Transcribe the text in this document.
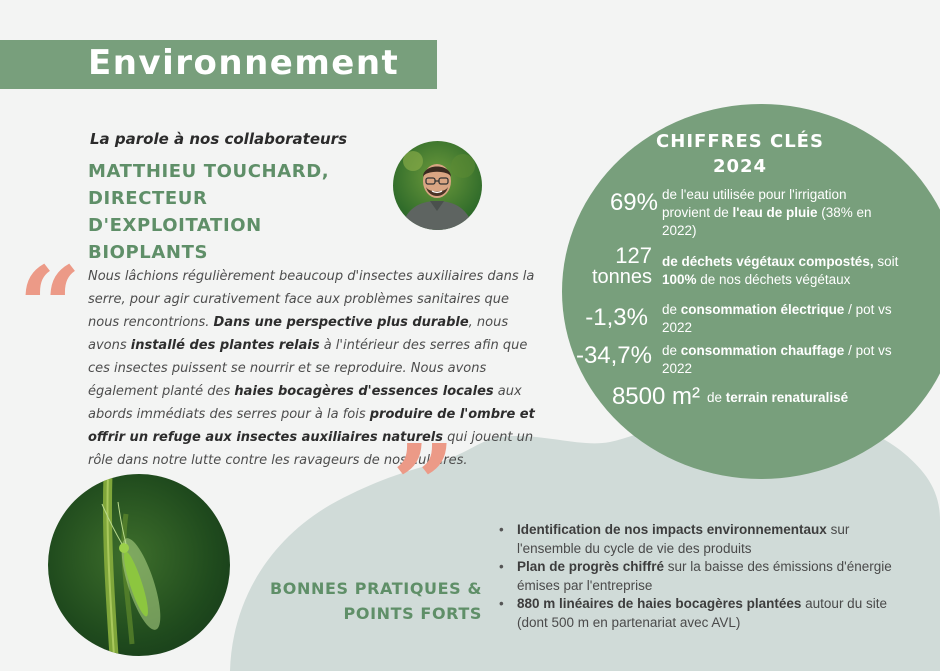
Environnement
La parole à nos collaborateurs
MATTHIEU TOUCHARD,
DIRECTEUR D'EXPLOITATION
BIOPLANTS
“ Nous lâchions régulièrement beaucoup d'insectes auxiliaires dans la serre, pour agir curativement face aux problèmes sanitaires que nous rencontrions. Dans une perspective plus durable, nous avons installé des plantes relais à l'intérieur des serres afin que ces insectes puissent se nourrir et se reproduire. Nous avons également planté des haies bocagères d'essences locales aux abords immédiats des serres pour à la fois produire de l'ombre et offrir un refuge aux insectes auxiliaires naturels qui jouent un rôle dans notre lutte contre les ravageurs de nos cultures.
”
CHIFFRES CLÉS
2024
69% de l'eau utilisée pour l'irrigation provient de l'eau de pluie (38% en 2022)
127
tonnes
de déchets végétaux compostés, soit 100% de nos déchets végétaux
-1,3% de consommation électrique / pot vs 2022
-34,7% de consommation chauffage / pot vs 2022
8500 m² de terrain renaturalisé
BONNES PRATIQUES &
POINTS FORTS
• Identification de nos impacts environnementaux sur l'ensemble du cycle de vie des produits
• Plan de progrès chiffré sur la baisse des émissions d'énergie émises par l'entreprise
• 880 m linéaires de haies bocagères plantées autour du site (dont 500 m en partenariat avec AVL)
